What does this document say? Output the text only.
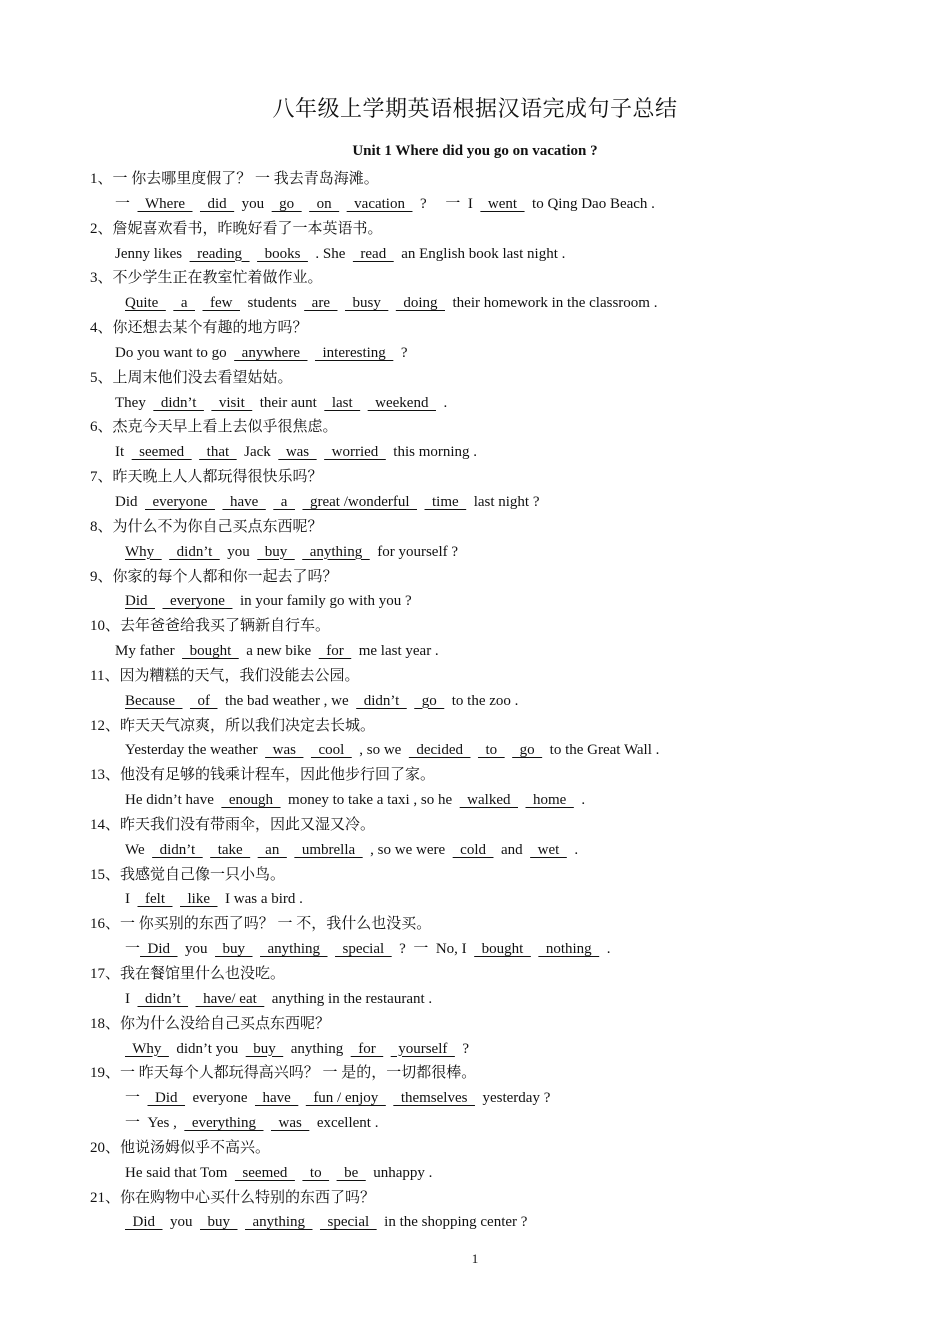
八年级上学期英语根据汉语完成句子总结
Unit 1 Where did you go on vacation ?
1、一 你去哪里度假了？ 一 我去青岛海滩。
一    Where      did    you    go      on      vacation    ?     一  I    went    to Qing Dao Beach .
2、詹妮喜欢看书，昨晚好看了一本英语书。
Jenny likes    reading      books    . She    read    an English book last night .
3、不少学生正在教室忙着做作业。
Quite      a      few    students    are      busy      doing    their homework in the classroom .
4、你还想去某个有趣的地方吗？
Do you want to go    anywhere      interesting    ?
5、上周末他们没去看望姑姑。
They    didn’t      visit    their aunt    last      weekend    .
6、杰克今天早上看上去似乎很焦虑。
It    seemed      that    Jack    was      worried    this morning .
7、昨天晚上人人都玩得很快乐吗？
Did    everyone      have      a      great /wonderful      time    last night ?
8、为什么不为你自己买点东西呢？
Why      didn’t    you    buy      anything    for yourself ?
9、你家的每个人都和你一起去了吗？
Did      everyone    in your family go with you ?
10、去年爸爸给我买了辆新自行车。
My father    bought    a new bike    for    me last year .
11、因为糟糕的天气，我们没能去公园。
Because      of    the bad weather , we    didn’t      go    to the zoo .
12、昨天天气凉爽，所以我们决定去长城。
Yesterday the weather    was      cool    , so we    decided      to      go    to the Great Wall .
13、他没有足够的钱乘计程车，因此他步行回了家。
He didn’t have    enough    money to take a taxi , so he    walked      home    .
14、昨天我们没有带雨伞，因此又湿又冷。
We    didn’t      take      an      umbrella    , so we were    cold    and    wet    .
15、我感觉自己像一只小鸟。
I    felt      like    I was a bird .
16、一 你买别的东西了吗？ 一 不，我什么也没买。
一  Did    you    buy      anything      special    ?  一  No, I    bought      nothing    .
17、我在餐馆里什么也没吃。
I    didn’t      have/ eat    anything in the restaurant .
18、你为什么没给自己买点东西呢？
Why    didn’t you    buy    anything    for      yourself    ?
19、一 昨天每个人都玩得高兴吗？ 一 是的，一切都很棒。
一    Did    everyone    have      fun / enjoy      themselves    yesterday ?
一  Yes ,    everything      was    excellent .
20、他说汤姆似乎不高兴。
He said that Tom    seemed      to      be    unhappy .
21、你在购物中心买什么特别的东西了吗？
Did    you    buy      anything      special    in the shopping center ?
1
